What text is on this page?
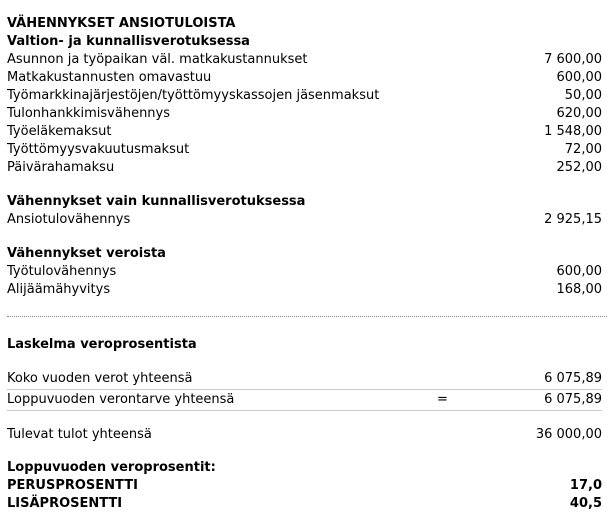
VÄHENNYKSET ANSIOTULOISTA
Valtion- ja kunnallisverotuksessa
Asunnon ja työpaikan väl. matkakustannukset	7 600,00
Matkakustannusten omavastuu	600,00
Työmarkkinajärjestöjen/työttömyyskassojen jäsenmaksut	50,00
Tulonhankkimisvähennys	620,00
Työeläkemaksut	1 548,00
Työttömyysvakuutusmaksut	72,00
Päivärahamaksu	252,00
Vähennykset vain kunnallisverotuksessa
Ansiotulovähennys	2 925,15
Vähennykset veroista
Työtulovähennys	600,00
Alijäämähyvitys	168,00
Laskelma veroprosentista
Koko vuoden verot yhteensä	6 075,89
Loppuvuoden verontarve yhteensä	=	6 075,89
Tulevat tulot yhteensä	36 000,00
Loppuvuoden veroprosentit:
PERUSPROSENTTI	17,0
LISÄPROSENTTI	40,5
